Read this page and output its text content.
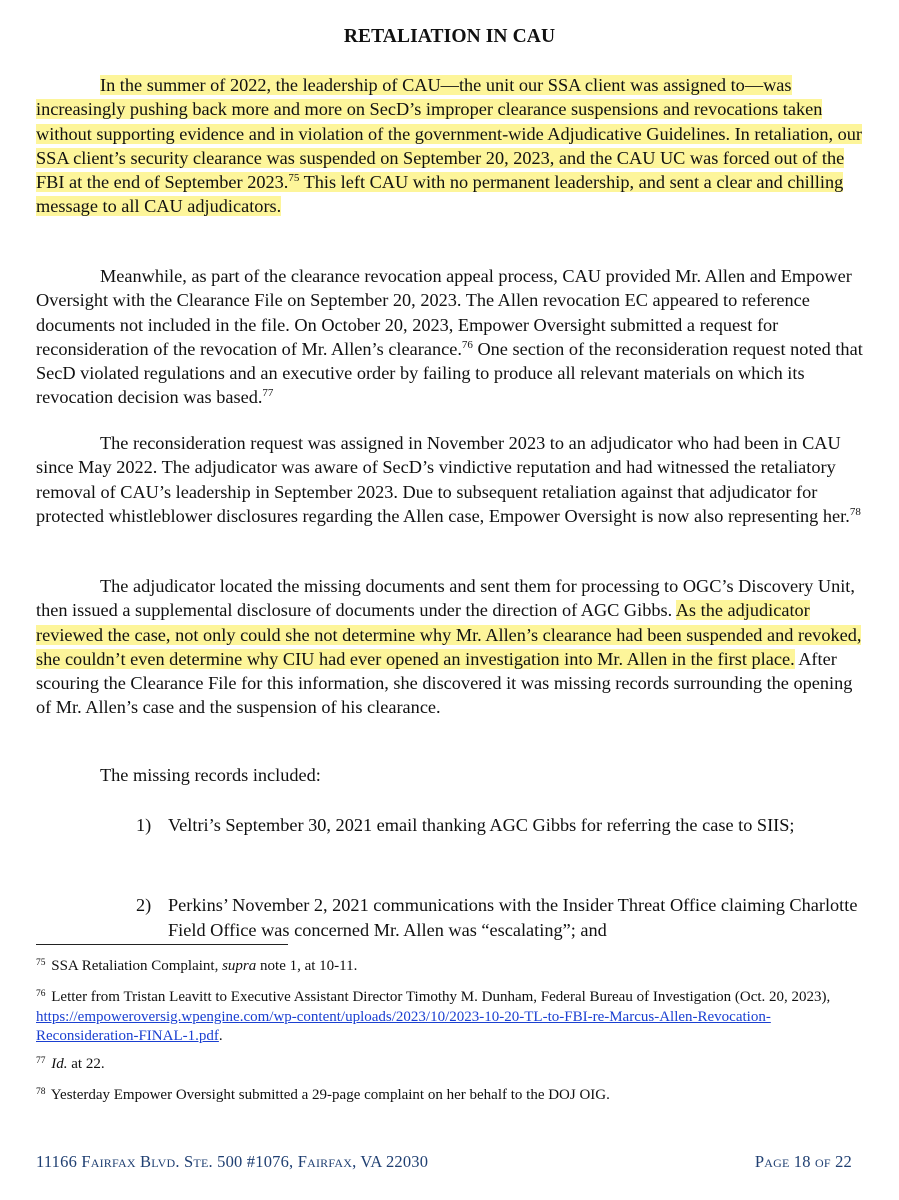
RETALIATION IN CAU

In the summer of 2022, the leadership of CAU—the unit our SSA client was assigned to—was increasingly pushing back more and more on SecD’s improper clearance suspensions and revocations taken without supporting evidence and in violation of the government-wide Adjudicative Guidelines. In retaliation, our SSA client’s security clearance was suspended on September 20, 2023, and the CAU UC was forced out of the FBI at the end of September 2023.75 This left CAU with no permanent leadership, and sent a clear and chilling message to all CAU adjudicators.

Meanwhile, as part of the clearance revocation appeal process, CAU provided Mr. Allen and Empower Oversight with the Clearance File on September 20, 2023. The Allen revocation EC appeared to reference documents not included in the file. On October 20, 2023, Empower Oversight submitted a request for reconsideration of the revocation of Mr. Allen’s clearance.$^{76}$ One section of the reconsideration request noted that SecD violated regulations and an executive order by failing to produce all relevant materials on which its revocation decision was based.$^{77}$

The reconsideration request was assigned in November 2023 to an adjudicator who had been in CAU since May 2022. The adjudicator was aware of SecD’s vindictive reputation and had witnessed the retaliatory removal of CAU’s leadership in September 2023. Due to subsequent retaliation against that adjudicator for protected whistleblower disclosures regarding the Allen case, Empower Oversight is now also representing her.$^{78}$

The adjudicator located the missing documents and sent them for processing to OGC’s Discovery Unit, then issued a supplemental disclosure of documents under the direction of AGC Gibbs. As the adjudicator reviewed the case, not only could she not determine why Mr. Allen’s clearance had been suspended and revoked, she couldn’t even determine why CIU had ever opened an investigation into Mr. Allen in the first place. After scouring the Clearance File for this information, she discovered it was missing records surrounding the opening of Mr. Allen’s case and the suspension of his clearance.

The missing records included:

1) Veltri’s September 30, 2021 email thanking AGC Gibbs for referring the case to SIIS;
2) Perkins’ November 2, 2021 communications with the Insider Threat Office claiming Charlotte Field Office was concerned Mr. Allen was “escalating”; and
$^{75}$ SSA Retaliation Complaint, supra note 1, at 10-11.
$^{76}$ Letter from Tristan Leavitt to Executive Assistant Director Timothy M. Dunham, Federal Bureau of Investigation (Oct. 20, 2023), https://empoweroversig.wpengine.com/wp-content/uploads/2023/10/2023-10-20-TL-to-FBI-re-Marcus-Allen-Revocation-Reconsideration-FINAL-1.pdf.
$^{77}$ Id. at 22.
$^{78}$ Yesterday Empower Oversight submitted a 29-page complaint on her behalf to the DOJ OIG.
11166 Fairfax Blvd. Ste. 500 #1076, Fairfax, VA 22030	Page 18 of 22
